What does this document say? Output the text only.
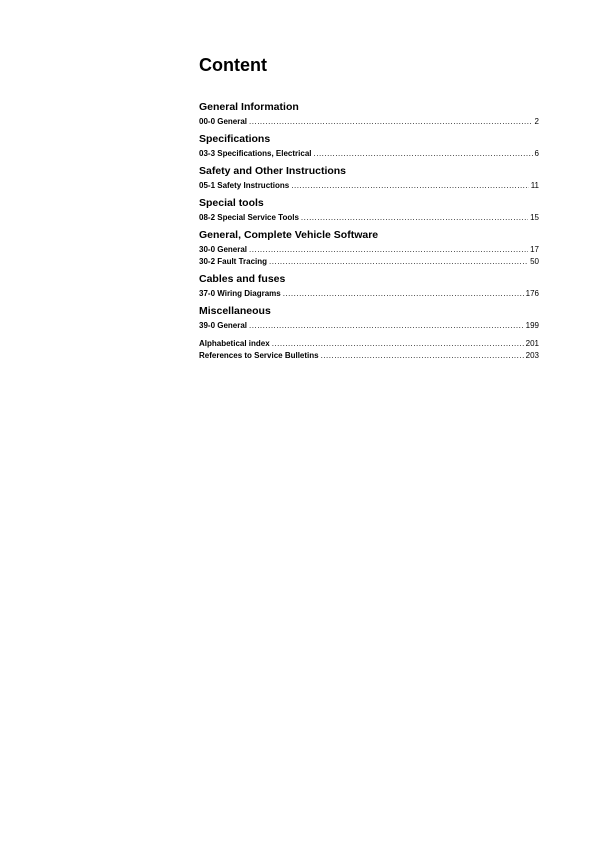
Content
General Information
00-0 General .....	2
Specifications
03-3 Specifications, Electrical .....	6
Safety and Other Instructions
05-1 Safety Instructions .....	11
Special tools
08-2 Special Service Tools .....	15
General, Complete Vehicle Software
30-0 General .....	17
30-2 Fault Tracing .....	50
Cables and fuses
37-0 Wiring Diagrams .....	176
Miscellaneous
39-0 General .....	199
Alphabetical index .....	201
References to Service Bulletins .....	203
